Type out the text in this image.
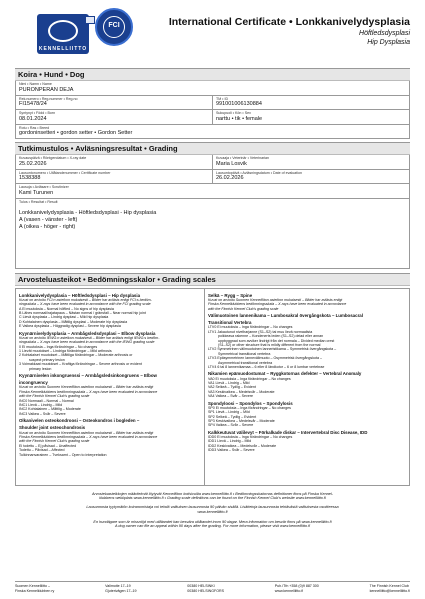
KENNELLIITTO
FCI	International Certificate • Lonkkanivelydysplasia
Höftledsdysplasi
Hip Dysplasia
Koira • Hund • Dog
Nimi • Namn • Name
PURONPERÄN DEJA
Rek.numero • Reg.nummer • Reg.no
FI15478/24
TM • ID
991001006130884
Syntynyt • Född • Born
08.01.2024
Sukupuoli • Kön • Sex
narttu • tik • female
Rotu • Ras • Breed
gordoninsetteri • gordon setter • Gordon Setter
Tutkimustulos • Avläsningsresultat • Grading
Kuvauspäivä • Röntgendatum • X-ray date
25.02.2026
Kuvaaja • Veterinär • Veterinarian
Maria Losvik
Lausuntonumero • Utlåtandenummer • Certificate number
1538388
Lausuntopäivä • Avläsningsdatum • Date of evaluation
26.02.2026
Lausuja • Avläsare • Scrutinizer
Kami Turunen
Tulos • Resultat • Result
Lonkkanivelydysplasia - Höftledsdysplasi - Hip dysplasia
A (vasen - vänster - left)
A (oikea - höger - right)
Arvosteluasteikot • Bedömningsskalor • Grading scales
Lonkkanivelydysplasia – Höftledsdysplasi – Hip dysplasia
Kuvat on arvioitu FCI:n asteikon mukaisesti – Bilder har avlästs enligt FCI:s bedöm-
ningsskala – X-rays have been evaluated in accordance with the FCI grading scale
A Ei muutoksia – Normal höftled – No signs of hip dysplasia
B Lähes normaali/rajatapaus – Nästan normal / gränsfall – Near normal hip joint
C Lievä dysplasia – Lindrig dysplasi – Mild hip dysplasia
D Kohtalainen dysplasia – Måttlig dysplasi – Moderate hip dysplasia
E Vaikea dysplasia – Höggradig dysplasi – Severe hip dysplasia
Kyynärnivelydysplasia – Armbågsledsdysplasi – Elbow dysplasia
Kuvat on arvioitu IEWG:n asteikon mukaisesti – Bilder har avlästs enligt IEWG:s bedöm-
ningsskala – X-rays have been evaluated in accordance with the IEWG grading scale
0 Ei muutoksia – Inga förändringar – No changes
1 Lievät muutokset – Lindriga förändringar – Mild arthrosis
2 Kohtalaiset muutokset – Måttliga förändringar – Moderate arthrosis or
suspect primary lesion
3 Voimakkaat muutokset – Kraftiga förändringar – Severe arthrosis or evident
primary lesion
Kyynärnivelen inkongruenssi – Armbågsledsinkongruens – Elbow
incongruency
Kuvat on arvioitu Suomen Kennelliiton asteikon mukaisesti – Bilder har avlästs enligt
Finska Kennelklubbens bedömningsskala – X-rays have been evaluated in accordance
with the Finnish Kennel Club's grading scale
INC0 Normaali – Normal – Normal
INC1 Lievä – Lindrig – Mild
INC2 Kohtalainen – Måttlig – Moderate
INC3 Vaikea – Svår – Severe
Olkanivelen osteokondroosi – Osteokondros i bogleden –
Shoulder joint osteochondrosis
Kuvat on arvioitu Suomen Kennelliiton asteikon mukaisesti – Bilder har avlästs enligt
Finska Kennelklubbens bedömningsskala – X-rays have been evaluated in accordance
with the Finnish Kennel Club's grading scale
Ei todettu – Ej påvisad – Unaffected
Todettu – Påvisad – Affected
Tulkinnanvarainen – Tveksamt – Open to interpretation
Selkä – Rygg – Spine
Kuvat on arvioitu Suomen Kennelliiton asteikon mukaisesti – Bilder har avlästs enligt
Finska Kennelklubbens bedömningsskala – X-rays have been evaluated in accordance
with the Finnish Kennel Club's grading scale
Välimuotoinen lannenikama – Lumbosakral övergångskota – Lumbosacral
Transitional Vertebra
LTV0 Ei muutoksia – Inga förändringar – No changes
LTV1 Jakautunut nivelharjanne (S1–S2) tai muu lievä normaalista
poikkeava rakenne – Kondenerts leden (S1–S2) delad eller annan
uppbyggnad som avviker lindrigt från det normala – Divided median crest
(S1–S2) or other structure that is mildly different from the normal
LTV2 Symmetrinen välimuotoinen lanneristikama – Symmetrisk övergångskota –
Symmetrical transitional vertebra
LTV3 Epäsymmetrinen lannevälimuoto – Osymmetrisk övergångskota –
Asymmetrical transitional vertebra
LTV4 6 tai 8 lannenikamaa – 6 eller 8 ländkotor – 6 or 8 lumbar vertebrae
Nikamien epämuodostumat – Ryggkotornas defekter – Vertebral Anomaly
VA0 Ei muutoksia – Inga förändringar – No changes
VA1 Lievä – Lindrig – Mild
VA2 Selkeä – Tydlig – Evident
VA3 Keskivaikea – Medelsvår – Moderate
VA4 Vaikea – Svår – Severe
Spondyloosi – Spondylos – Spondylosis
SP0 Ei muutoksia – Inga förändringar – No changes
SP1 Lievä – Lindrig – Mild
SP2 Selkeä – Tydlig – Evident
SP3 Keskivaikea – Medelsvår – Moderate
SP4 Vaikea – Svår – Severe
Kalkkeutuvat välilevyt – Förkalkade diskar – Intervertebral Disc Disease, IDD
IDD0 Ei muutoksia – Inga förändringar – No changes
IDD1 Lievä – Lindrig – Mild
IDD2 Keskivaikea – Medelsvår – Moderate
IDD3 Vaikea – Svår – Severe
Arvosteluasteikkojen määritelmät löytyvät Kennelliiton kotisivuilta www.kennelliitto.fi • Bedömningsskalornas definitioner finns på Finska Kennel-
klubbens webbplats www.kennelliitto.fi • Grading scale definitions can be found on the Finnish Kennel Club's website www.kennelliitto.fi
Lausunnosta tyytymätön koiranomistaja voi tehdä valituksen lausunnosta 90 päivän sisällä. Lisätietoja lausunnosta tehtävästä valituksesta osoitteessa
www.kennelliitto.fi
En hundägare som är missnöjd med utlåtandet kan besvära utlåtandet inom 90 dagar. Mera information om besvär finns på www.kennelliitto.fi
A dog owner can file an appeal within 90 days after the grading. For more information, please visit www.kennelliitto.fi
Suomen Kennelliitto –
Finska Kennelklubben ry
Valimotie 17–19
Gjuterivägen 17–19
00380 HELSINKI
00380 HELSINGFORS
Puh./Tfn +358 (0)9 887 300
www.kennelliitto.fi
The Finnish Kennel Club
kennelliitto@kennelliitto.fi
